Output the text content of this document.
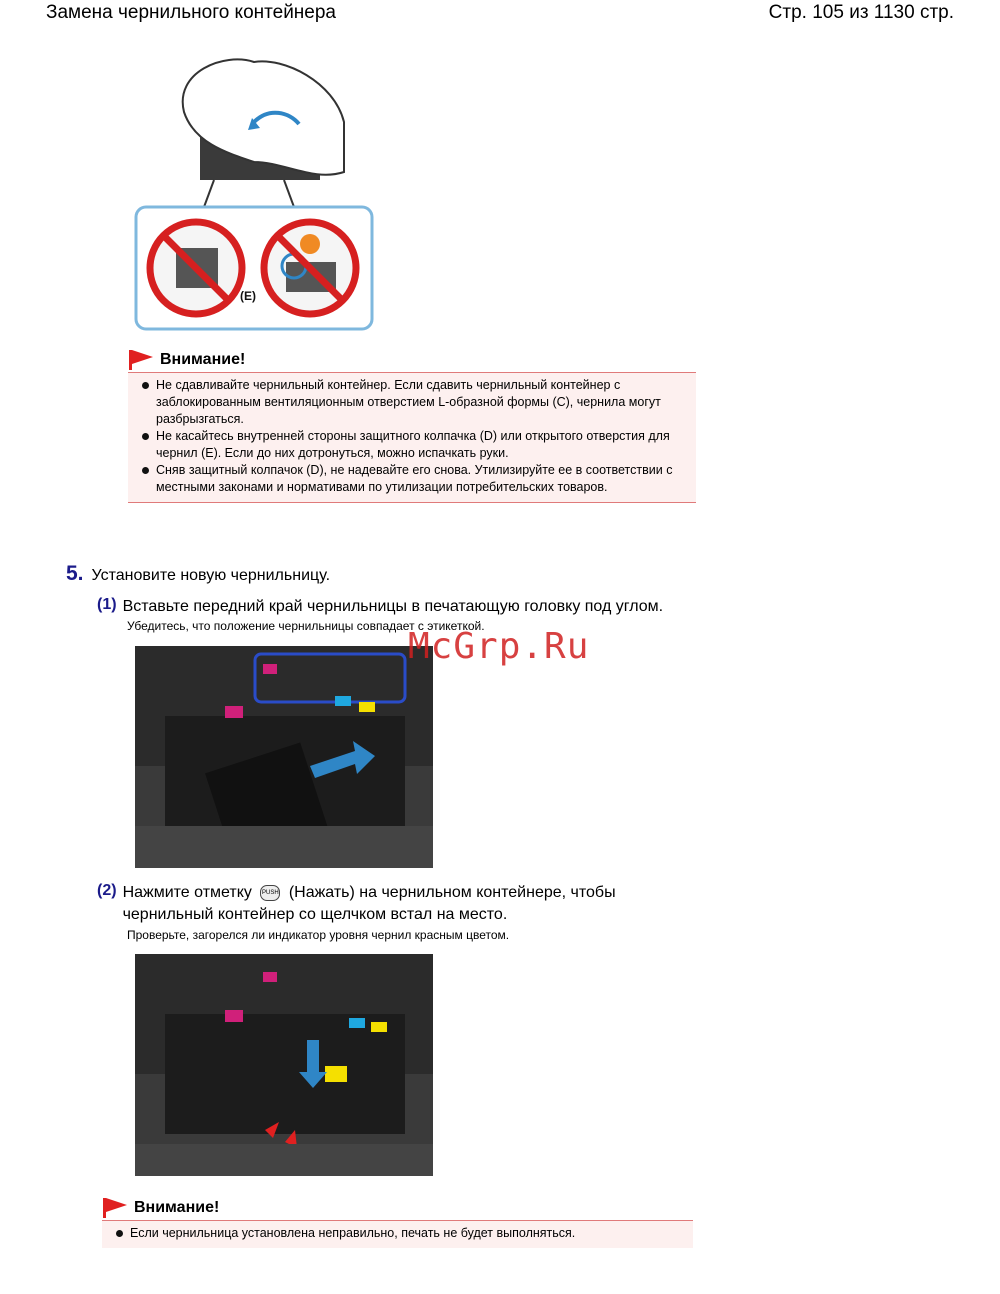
Замена чернильного контейнера	Стр. 105 из 1130 стр.
(E)
Внимание!
Не сдавливайте чернильный контейнер. Если сдавить чернильный контейнер с заблокированным вентиляционным отверстием L-образной формы (C), чернила могут разбрызгаться.
Не касайтесь внутренней стороны защитного колпачка (D) или открытого отверстия для чернил (E). Если до них дотронуться, можно испачкать руки.
Сняв защитный колпачок (D), не надевайте его снова. Утилизируйте ее в соответствии с местными законами и нормативами по утилизации потребительских товаров.
5. Установите новую чернильницу.
(1) Вставьте передний край чернильницы в печатающую головку под углом.
Убедитесь, что положение чернильницы совпадает с этикеткой.
(2) Нажмите отметку PUSH (Нажать) на чернильном контейнере, чтобы
чернильный контейнер со щелчком встал на место.
Проверьте, загорелся ли индикатор уровня чернил красным цветом.
Внимание!
Если чернильница установлена неправильно, печать не будет выполняться.
McGrp.Ru
